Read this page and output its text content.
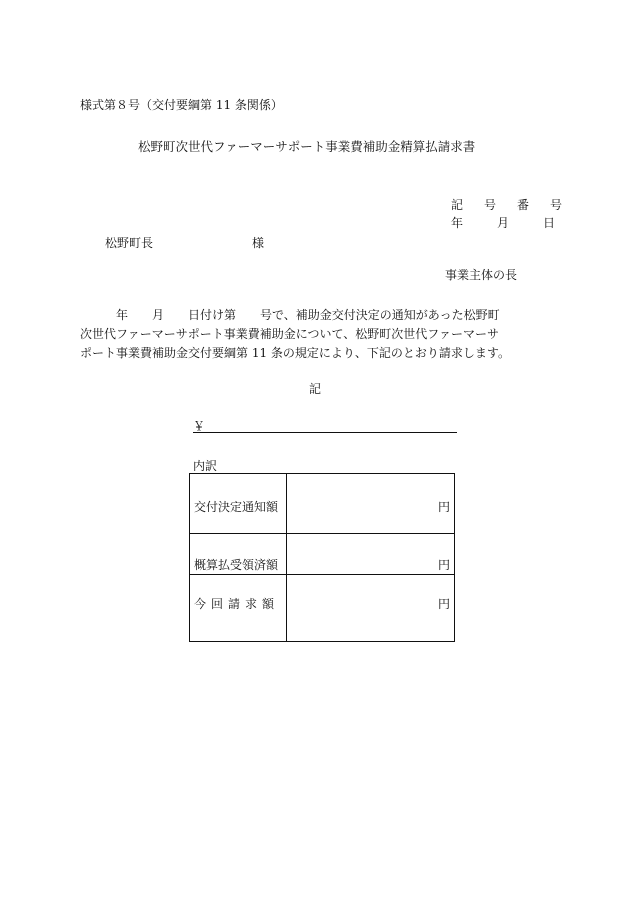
様式第８号（交付要綱第 11 条関係）
松野町次世代ファーマーサポート事業費補助金精算払請求書
記 号 番 号
年	月	日
松野町長	様
事業主体の長

　　　年　　月　　日付け第　　号で、補助金交付決定の通知があった松野町

次世代ファーマーサポート事業費補助金について、松野町次世代ファーマーサ

ポート事業費補助金交付要綱第 11 条の規定により、下記のとおり請求します。

記
￥
内訳
交付決定通知額	円
概算払受領済額	円
今回請求額	円
